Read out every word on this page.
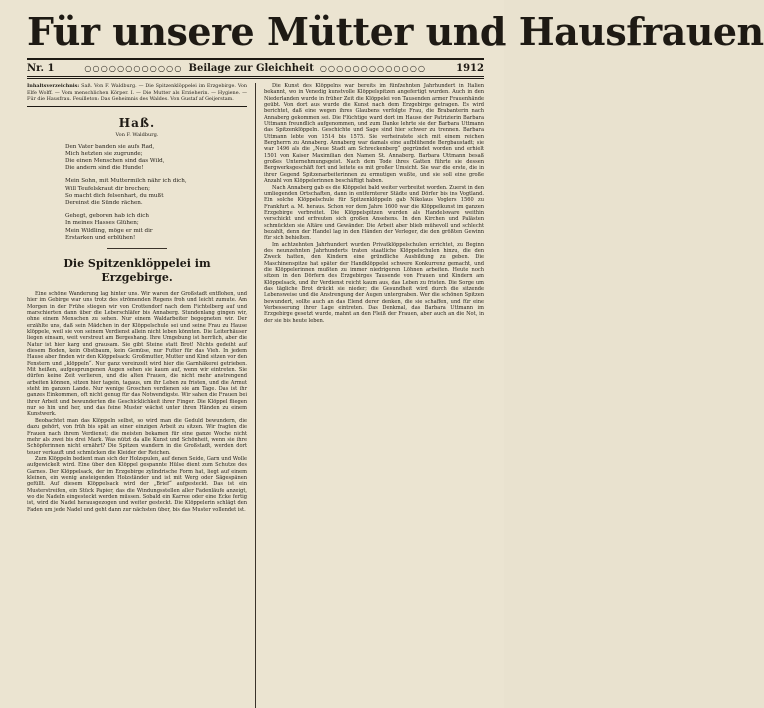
Für unsere Mütter und Hausfrauen
Nr. 1	○○○○○○○○○○○○ Beilage zur Gleichheit ○○○○○○○○○○○○○	1912
Inhaltsverzeichnis: Saß. Von F. Waldburg. — Die Spitzenklöppelei im Erzgebirge. Von Elfe Wolff. — Vom menschlichen Körper. I. — Die Mutter als Erzieherin. — Hygiene. — Für die Hausfrau. Feuilleton: Das Geheimnis des Waldes. Von Gustaf af Geijerstam.
Haß.
Von F. Waldburg.
Den Vater banden sie aufs Rad,
Mich hetzten sie zugrunde;
Die einen Menschen sind das Wild,
Die andern sind die Hunde!
Mein Sohn, mit Muttermilch nähr ich dich,
Will Teufelskraut dir brechen;
So macht dich felsenhart, du mußt
Dereinst die Sünde rächen.
Gehegt, geboren hab ich dich
In meines Hasses Glühen;
Mein Wildling, möge er mit dir
Erstarken und erblühen!
Die Spitzenklöppelei im Erzgebirge.

Eine schöne Wanderung lag hinter uns. Wir waren der Großstadt entflohen, und hier im Gebirge war uns trotz des strömenden Regens froh und leicht zumute. Am Morgen in der Frühe stiegen wir von Crottendorf nach dem Fichtelberg auf und marschierten dann über die Leberschläfer bis Annaberg. Stundenlang gingen wir, ohne einem Menschen zu sehen. Nur einem Waldarbeiter begegneten wir. Der erzählte uns, daß sein Mädchen in der Klöppelschule sei und seine Frau zu Hause klöppele, weil sie von seinem Verdienst allein nicht leben könnten. Die Leiterhäuser liegen einsam, weit verstreut am Bergeshang. Ihre Umgebung ist herrlich, aber die Natur ist hier karg und grausam. Sie gibt Steine statt Brot! Nichts gedeiht auf diesem Boden, kein Obstbaum, kein Gemüse, nur Futter für das Vieh. In jedem Hause aber finden wir den Klöppelsack: Großmutter, Mutter und Kind sitzen vor den Fenstern und „klöppeln“. Nur ganz vereinzelt wird hier die Garnhäkerei getrieben. Mit heißen, aufgesprungenen Augen sehen sie kaum auf, wenn wir eintreten. Sie dürfen keine Zeit verlieren, und die alten Frauen, die nicht mehr anstrengend arbeiten können, sitzen hier tagein, tagaus, um ihr Leben zu fristen, und die Armut steht im ganzen Lande. Nur wenige Groschen verdienen sie am Tage. Das ist ihr ganzes Einkommen, oft nicht genug für das Notwendigste. Wir sahen die Frauen bei ihrer Arbeit und bewunderten die Geschicklichkeit ihrer Finger. Die Klöppel fliegen nur so hin und her, und das feine Muster wächst unter ihren Händen zu einem Kunstwerk.

Beobachtet man das Klöppeln selbst, so wird man die Geduld bewundern, die dazu gehört, von früh bis spät an einer einzigen Arbeit zu sitzen. Wir fragten die Frauen nach ihrem Verdienst; die meisten bekamen für eine ganze Woche nicht mehr als zwei bis drei Mark. Was nützt da alle Kunst und Schönheit, wenn sie ihre Schöpferinnen nicht ernährt? Die Spitzen wandern in die Großstadt, werden dort teuer verkauft und schmücken die Kleider der Reichen.

Zum Klöppeln bedient man sich der Holzspulen, auf denen Seide, Garn und Wolle aufgewickelt wird. Eine über den Klöppel gespannte Hülse dient zum Schutze des Garnes. Der Klöppelsack, der im Erzgebirge zylindrische Form hat, liegt auf einem kleinen, ein wenig ansteigenden Holzständer und ist mit Werg oder Sägespänen gefüllt. Auf diesem Klöppelsack wird der „Brief“ aufgesteckt. Das ist ein Musterstreifen, ein Stück Papier, das die Windungsstellen aller Fadenläufe anzeigt, wo die Nadeln eingesteckt werden müssen. Sobald ein Karree oder eine Ecke fertig ist, wird die Nadel herausgezogen und weiter gesteckt. Die Klöppelerin schlägt den Faden um jede Nadel und geht dann zur nächsten über, bis das Muster vollendet ist.

Die Kunst des Klöppelns war bereits im fünfzehnten Jahrhundert in Italien bekannt, wo in Venedig kunstvolle Klöppelspitzen angefertigt wurden. Auch in den Niederlanden wurde in früher Zeit die Klöppelei von Tausenden armer Frauenhände geübt. Von dort aus wurde die Kunst nach dem Erzgebirge getragen. Es wird berichtet, daß eine wegen ihres Glaubens verfolgte Frau, die Brabanterin nach Annaberg gekommen sei. Die Flüchtige ward dort im Hause der Patrizierin Barbara Uttmann freundlich aufgenommen, und zum Danke lehrte sie der Barbara Uttmann das Spitzenklöppeln. Geschichte und Sage sind hier schwer zu trennen. Barbara Uttmann lebte von 1514 bis 1575. Sie verheiratete sich mit einem reichen Bergherrn zu Annaberg. Annaberg war damals eine aufblühende Bergbaustadt; sie war 1496 als die „Neue Stadt am Schreckenberg“ gegründet worden und erhielt 1501 von Kaiser Maximilian den Namen St. Annaberg. Barbara Uttmann besaß großes Unternehmungsgeist. Nach dem Tode ihres Gatten führte sie dessen Bergwerksgeschäft fort und leitete es mit großer Umsicht. Sie war die erste, die in ihrer Gegend Spitzenarbeiterinnen zu ermutigen wußte, und sie soll eine große Anzahl von Klöppelerinnen beschäftigt haben.

Nach Annaberg gab es die Klöppelei bald weiter verbreitet worden. Zuerst in den umliegenden Ortschaften, dann in entfernterer Städte und Dörfer bis ins Vogtland. Ein solche Klöppelschule für Spitzenklöppeln gab Nikolaus Voglers 1560 zu Frankfurt a. M. heraus. Schon vor dem Jahre 1600 war die Klöppelkunst im ganzen Erzgebirge verbreitet. Die Klöppelspitzen wurden als Handelsware weithin verschickt und erfreuten sich großen Ansehens. In den Kirchen und Palästen schmückten sie Altäre und Gewänder. Die Arbeit aber blieb mühevoll und schlecht bezahlt, denn der Handel lag in den Händen der Verleger, die den größten Gewinn für sich behielten.

Im achtzehnten Jahrhundert wurden Privatklöppelschulen errichtet, zu Beginn des neunzehnten Jahrhunderts traten staatliche Klöppelschulen hinzu, die den Zweck hatten, den Kindern eine gründliche Ausbildung zu geben. Die Maschinenspitze hat später der Handklöppelei schwere Konkurrenz gemacht, und die Klöppelerinnen mußten zu immer niedrigeren Löhnen arbeiten. Heute noch sitzen in den Dörfern des Erzgebirges Tausende von Frauen und Kindern am Klöppelsack, und ihr Verdienst reicht kaum aus, das Leben zu fristen. Die Sorge um das tägliche Brot drückt sie nieder; die Gesundheit wird durch die sitzende Lebensweise und die Anstrengung der Augen untergraben. Wer die schönen Spitzen bewundert, sollte auch an das Elend derer denken, die sie schaffen, und für eine Verbesserung ihrer Lage eintreten. Das Denkmal, das Barbara Uttmann im Erzgebirge gesetzt wurde, mahnt an den Fleiß der Frauen, aber auch an die Not, in der sie bis heute leben.
